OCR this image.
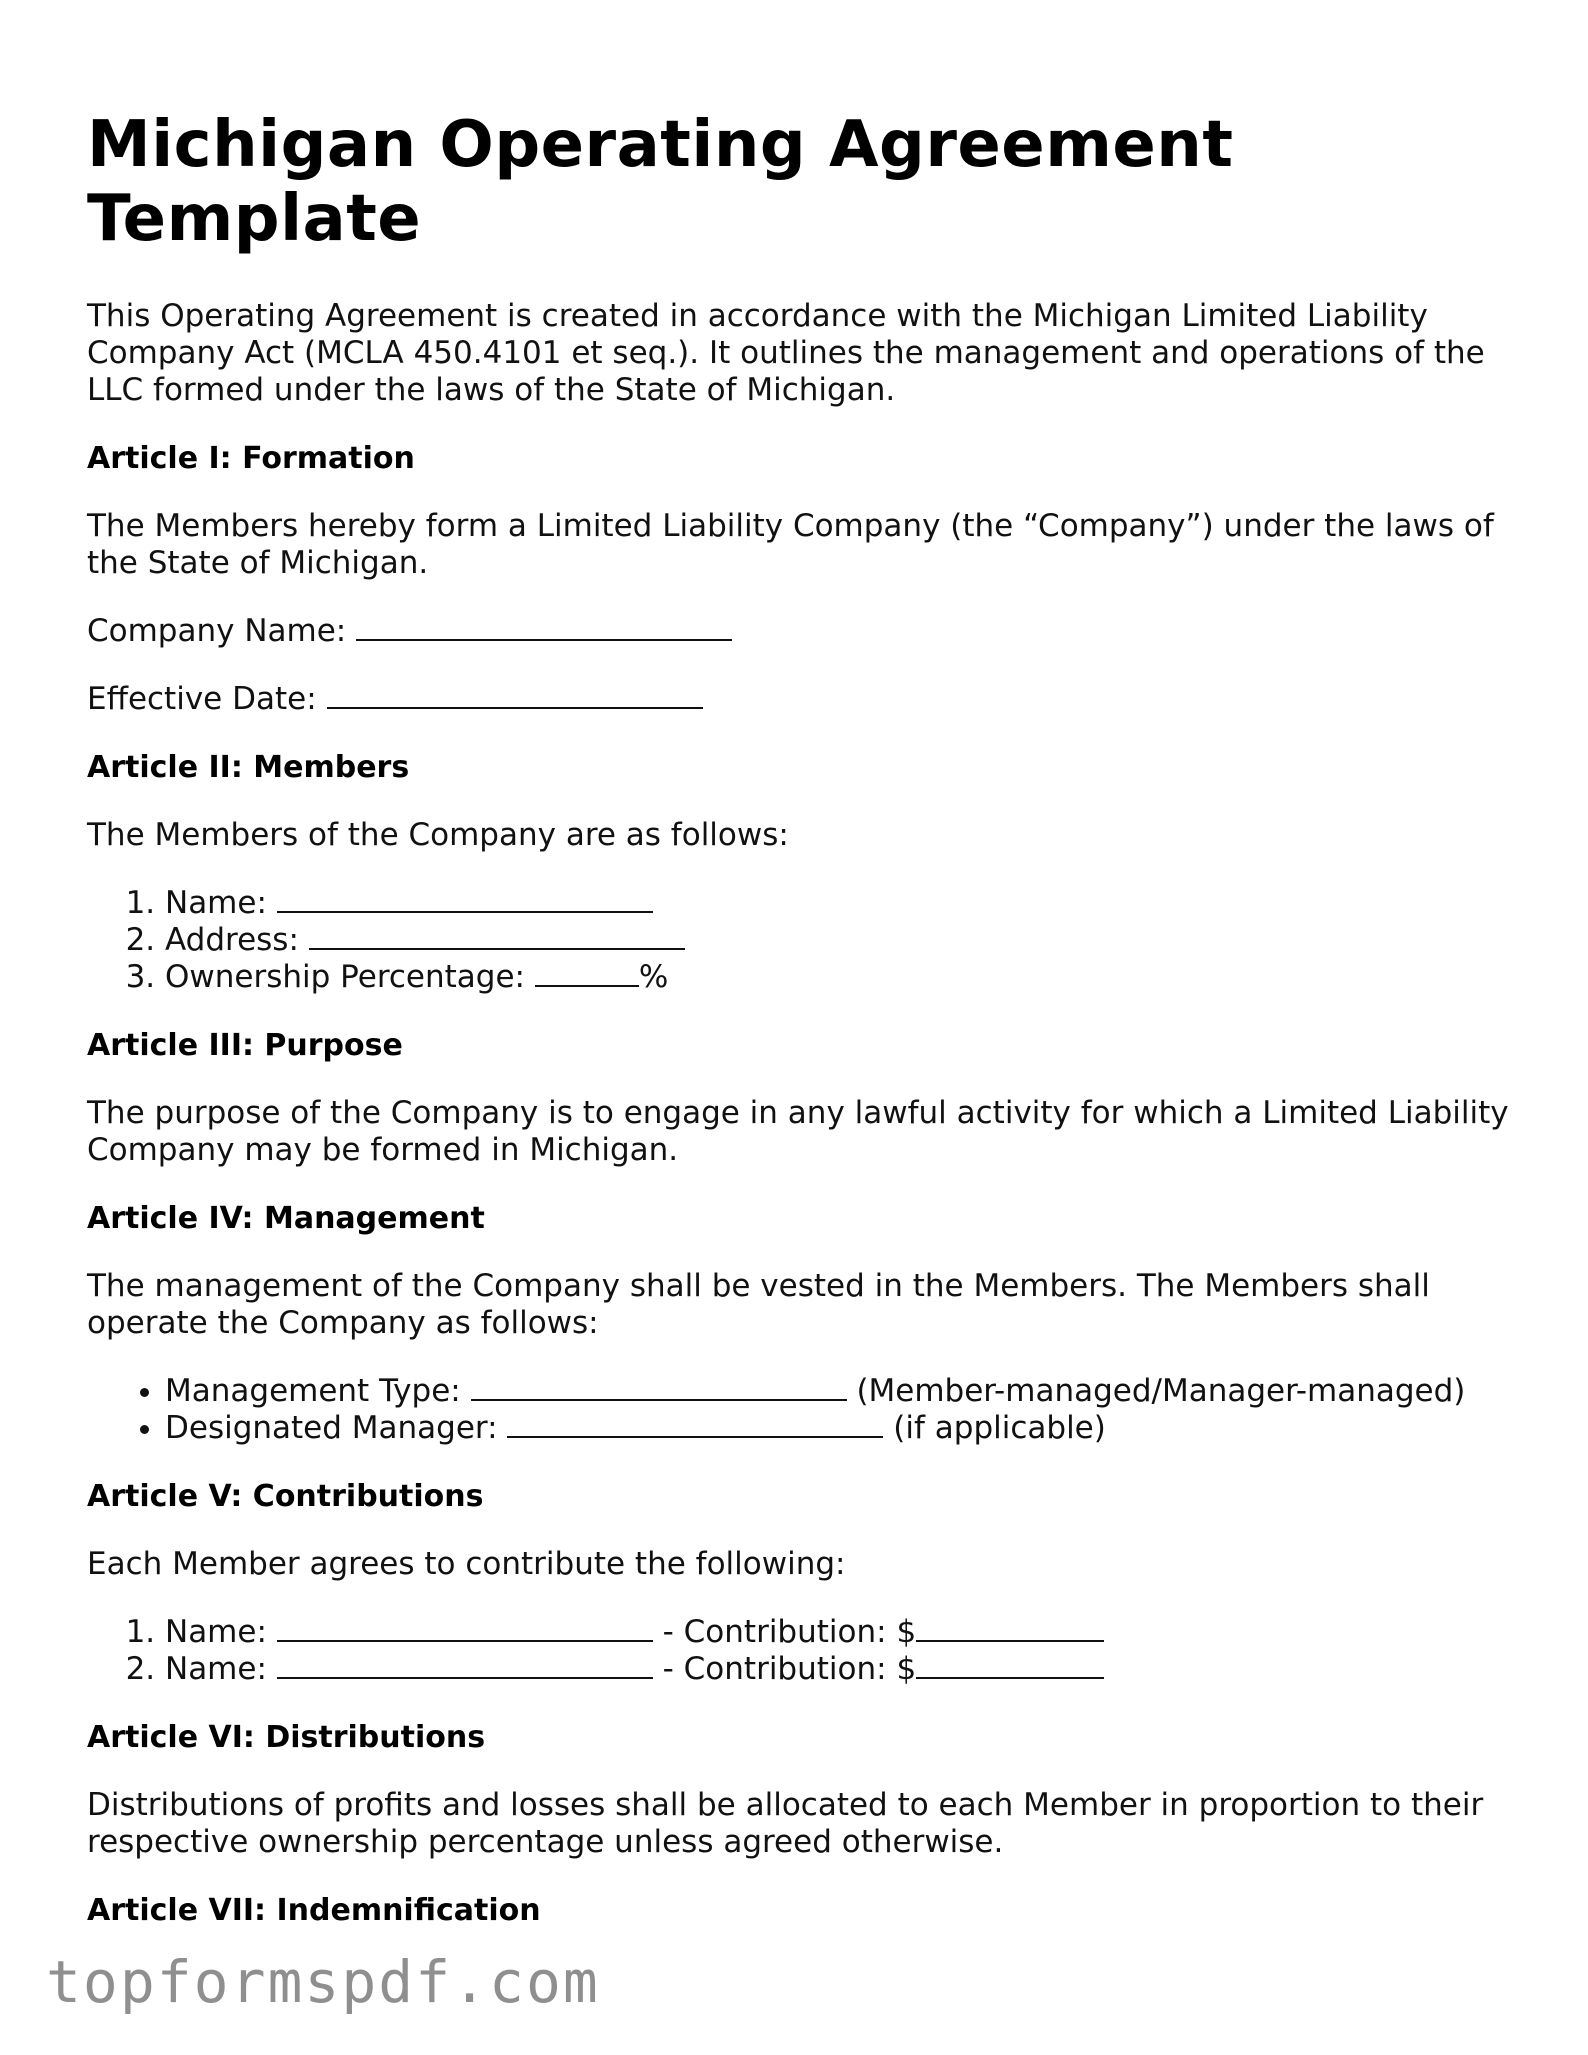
Michigan Operating Agreement Template

This Operating Agreement is created in accordance with the Michigan Limited Liability Company Act (MCLA 450.4101 et seq.). It outlines the management and operations of the LLC formed under the laws of the State of Michigan.

Article I: Formation

The Members hereby form a Limited Liability Company (the “Company”) under the laws of the State of Michigan.

Company Name:

Effective Date:

Article II: Members

The Members of the Company are as follows:

1. Name:
2. Address:
3. Ownership Percentage:	%
Article III: Purpose

The purpose of the Company is to engage in any lawful activity for which a Limited Liability Company may be formed in Michigan.

Article IV: Management

The management of the Company shall be vested in the Members. The Members shall operate the Company as follows:

• Management Type:	(Member-managed/Manager-managed)
• Designated Manager:	(if applicable)
Article V: Contributions

Each Member agrees to contribute the following:

1. Name:	- Contribution: $
2. Name:	- Contribution: $
Article VI: Distributions

Distributions of profits and losses shall be allocated to each Member in proportion to their respective ownership percentage unless agreed otherwise.

Article VII: Indemnification
topformspdf.com
